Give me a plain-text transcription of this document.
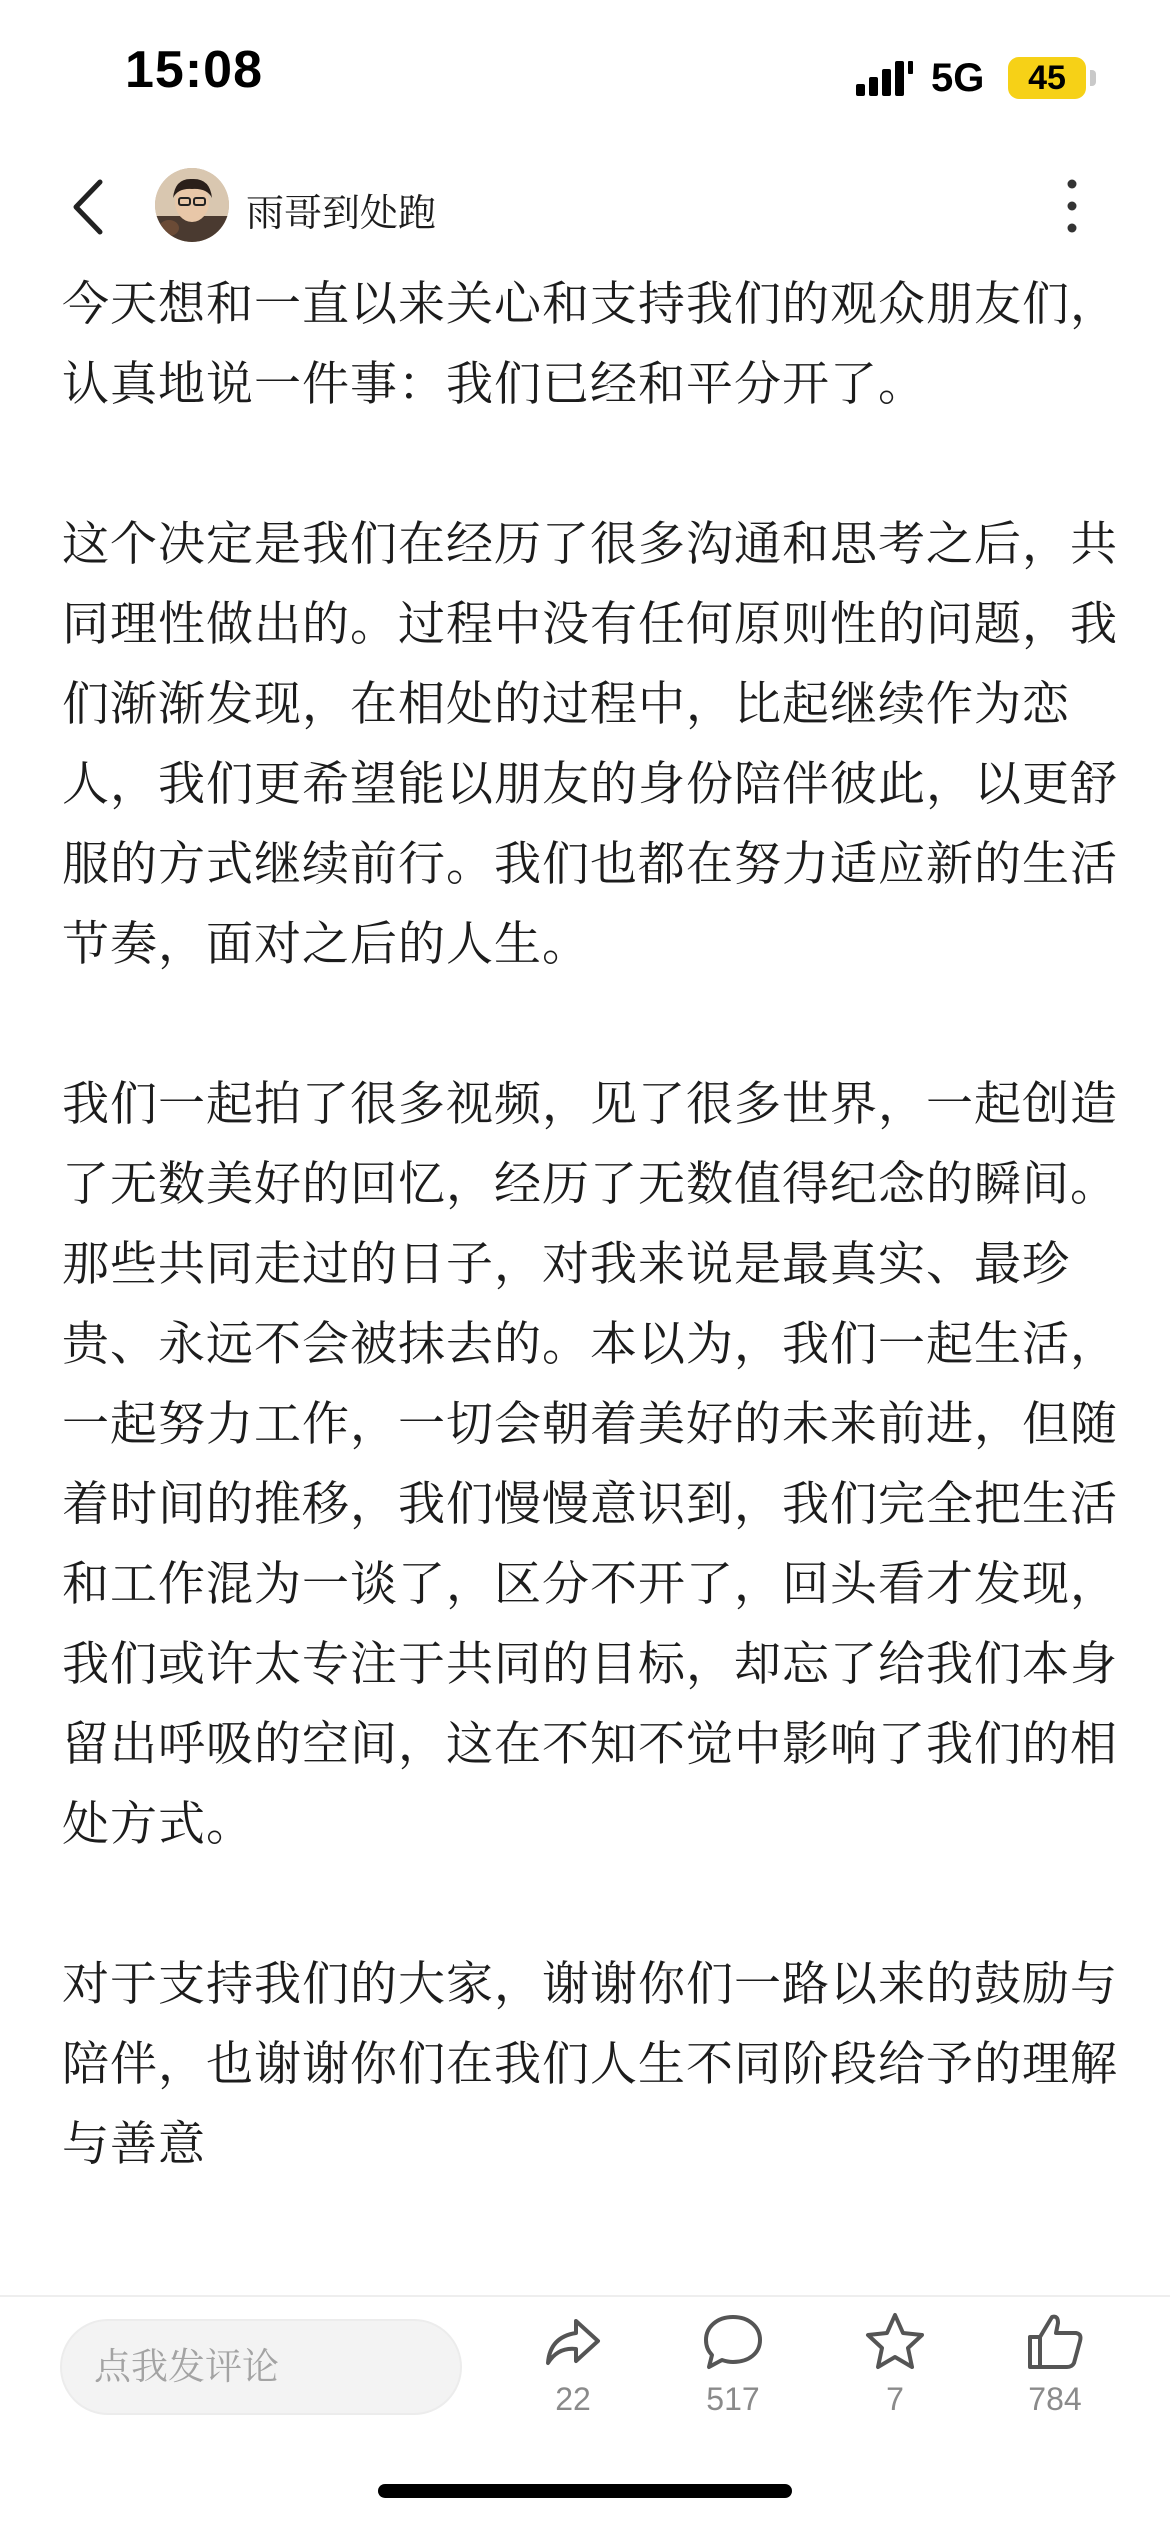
15:08	5G	45
雨哥到处跑

今天想和一直以来关心和支持我们的观众朋友们，认真地说一件事：我们已经和平分开了。

这个决定是我们在经历了很多沟通和思考之后，共同理性做出的。过程中没有任何原则性的问题，我们渐渐发现，在相处的过程中，比起继续作为恋人，我们更希望能以朋友的身份陪伴彼此，以更舒服的方式继续前行。我们也都在努力适应新的生活节奏，面对之后的人生。

我们一起拍了很多视频，见了很多世界，一起创造了无数美好的回忆，经历了无数值得纪念的瞬间。那些共同走过的日子，对我来说是最真实、最珍贵、永远不会被抹去的。本以为，我们一起生活，一起努力工作，一切会朝着美好的未来前进，但随着时间的推移，我们慢慢意识到，我们完全把生活和工作混为一谈了，区分不开了，回头看才发现，我们或许太专注于共同的目标，却忘了给我们本身留出呼吸的空间，这在不知不觉中影响了我们的相处方式。

对于支持我们的大家，谢谢你们一路以来的鼓励与陪伴，也谢谢你们在我们人生不同阶段给予的理解与善意

点我发评论
22	517	7	784
